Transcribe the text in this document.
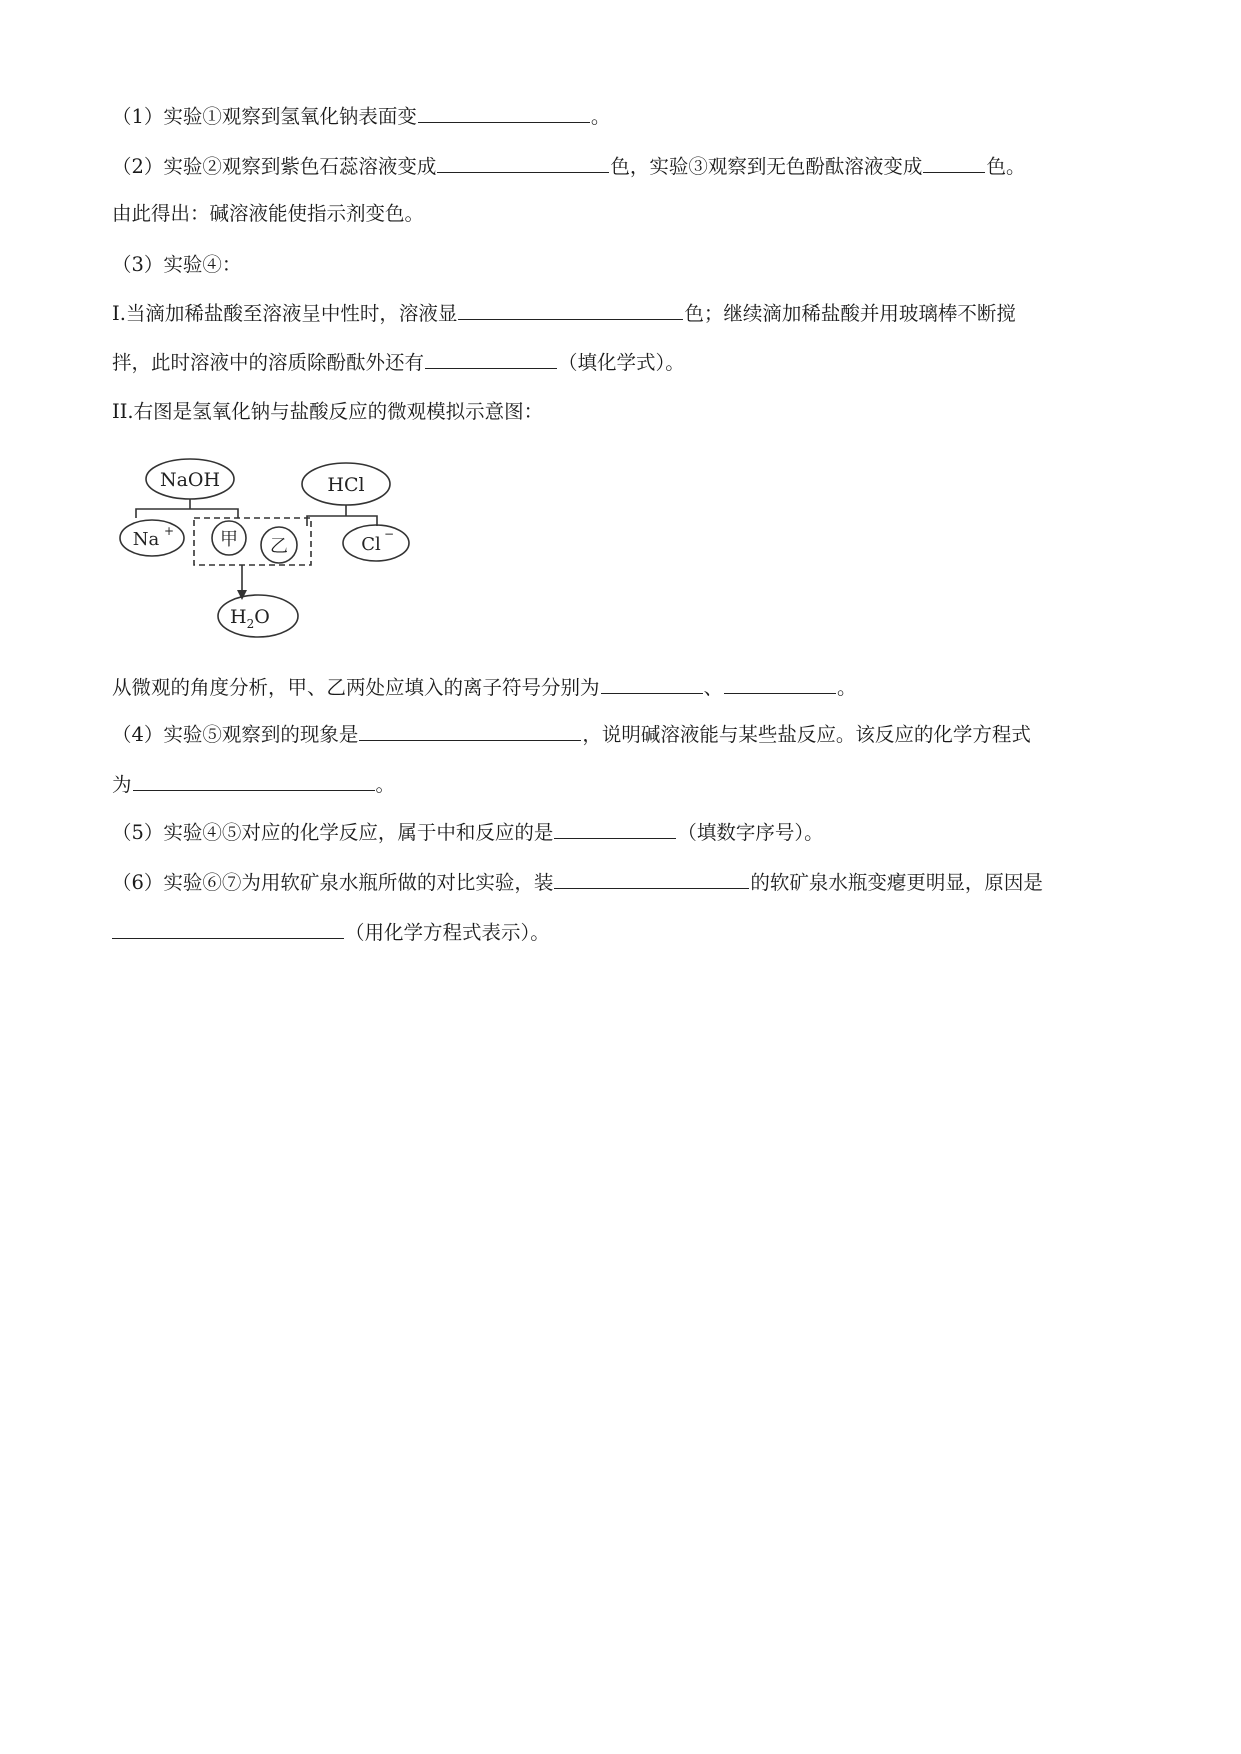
（1）实验①观察到氢氧化钠表面变	。
（2）实验②观察到紫色石蕊溶液变成	色，实验③观察到无色酚酞溶液变成	色。
由此得出：碱溶液能使指示剂变色。
（3）实验④：
I.当滴加稀盐酸至溶液呈中性时，溶液显	色；继续滴加稀盐酸并用玻璃棒不断搅
拌，此时溶液中的溶质除酚酞外还有	（填化学式）。
II.右图是氢氧化钠与盐酸反应的微观模拟示意图：
NaOH	HCl
Na +	甲 乙	Cl −
$H_2O$
从微观的角度分析，甲、乙两处应填入的离子符号分别为	、	。
（4）实验⑤观察到的现象是	，说明碱溶液能与某些盐反应。该反应的化学方程式
为	。
（5）实验④⑤对应的化学反应，属于中和反应的是	（填数字序号）。
（6）实验⑥⑦为用软矿泉水瓶所做的对比实验，装	的软矿泉水瓶变瘪更明显，原因是
（用化学方程式表示）。
